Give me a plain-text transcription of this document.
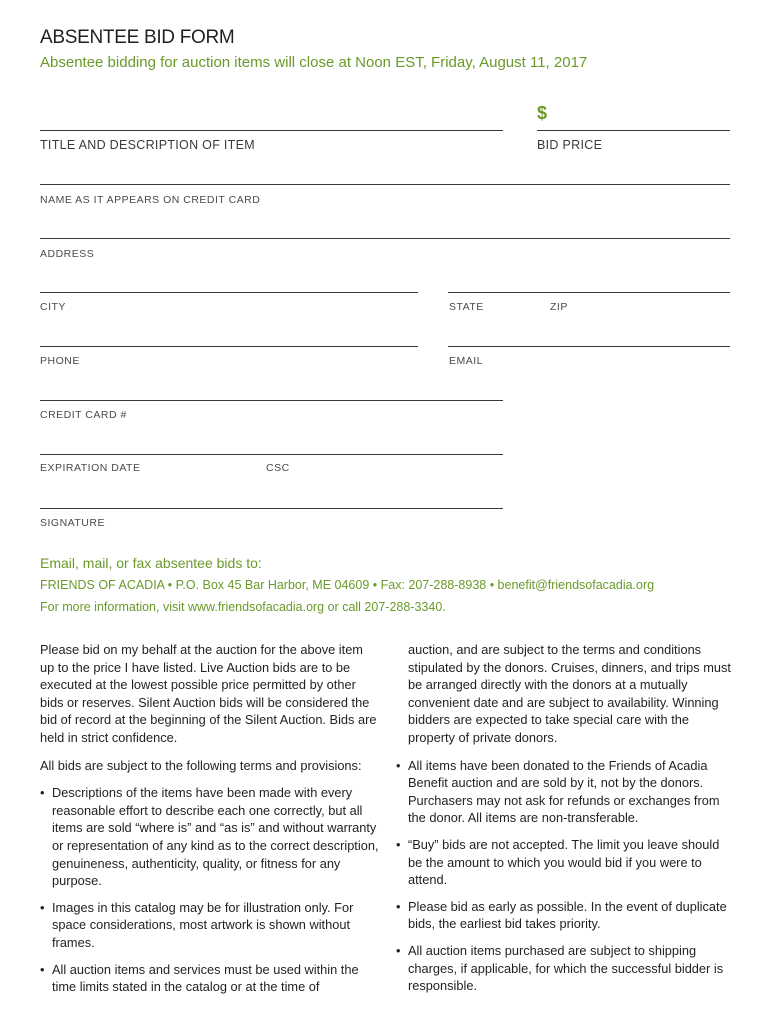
ABSENTEE BID FORM
Absentee bidding for auction items will close at Noon EST, Friday, August 11, 2017
$
TITLE AND DESCRIPTION OF ITEM	BID PRICE
NAME AS IT APPEARS ON CREDIT CARD
ADDRESS
CITY	STATE	ZIP
PHONE	EMAIL
CREDIT CARD #
EXPIRATION DATE	CSC
SIGNATURE
Email, mail, or fax absentee bids to:
FRIENDS OF ACADIA • P.O. Box 45 Bar Harbor, ME 04609 • Fax: 207-288-8938 • benefit@friendsofacadia.org
For more information, visit www.friendsofacadia.org or call 207-288-3340.

Please bid on my behalf at the auction for the above item up to the price I have listed. Live Auction bids are to be executed at the lowest possible price permitted by other bids or reserves. Silent Auction bids will be considered the bid of record at the beginning of the Silent Auction. Bids are held in strict confidence.

All bids are subject to the following terms and provisions:

• Descriptions of the items have been made with every reasonable effort to describe each one correctly, but all items are sold “where is” and “as is” and without warranty or representation of any kind as to the correct description, genuineness, authenticity, quality, or fitness for any purpose.
• Images in this catalog may be for illustration only. For space considerations, most artwork is shown without frames.
• All auction items and services must be used within the time limits stated in the catalog or at the time of

auction, and are subject to the terms and conditions stipulated by the donors. Cruises, dinners, and trips must be arranged directly with the donors at a mutually convenient date and are subject to availability. Winning bidders are expected to take special care with the property of private donors.

• All items have been donated to the Friends of Acadia Benefit auction and are sold by it, not by the donors. Purchasers may not ask for refunds or exchanges from the donor. All items are non-transferable.
• “Buy” bids are not accepted. The limit you leave should be the amount to which you would bid if you were to attend.
• Please bid as early as possible. In the event of duplicate bids, the earliest bid takes priority.
• All auction items purchased are subject to shipping charges, if applicable, for which the successful bidder is responsible.
